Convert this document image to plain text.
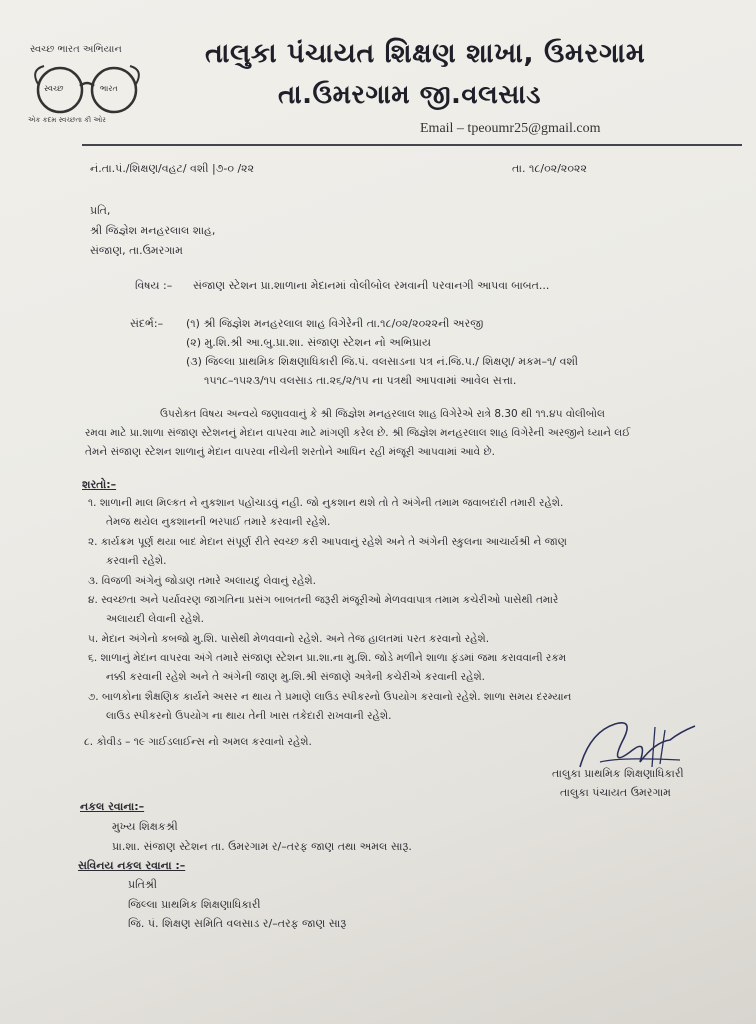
સ્વચ્છ ભારત અભિયાન
સ્વચ્છ	ભારત
એક કદમ સ્વચ્છતા કી ઓર
તાલુકા પંચાયત શિક્ષણ શાખા, ઉમરગામ
તા.ઉમરગામ જી.વલસાડ
Email – tpeoumr25@gmail.com
નં.તા.પં./શિક્ષણ/વહટ/ વશી |૭-૦ /૨૨	તા. ૧૮/૦૨/૨૦૨૨
પ્રતિ,
શ્રી જિજ્ઞેશ મનહરલાલ શાહ,
સંજાણ, તા.ઉમરગામ
વિષય :– સંજાણ સ્ટેશન પ્રા.શાળાના મેદાનમાં વોલીબોલ રમવાની પરવાનગી આપવા બાબત...
સંદર્ભ:– (૧) શ્રી જિજ્ઞેશ મનહરલાલ શાહ વિગેરેની તા.૧૮/૦૨/૨૦૨૨ની અરજી
(૨) મુ.શિ.શ્રી આ.બુ.પ્રા.શા. સંજાણ સ્ટેશન નો અભિપ્રાય
(૩) જિલ્લા પ્રાથમિક શિક્ષણાધિકારી જિ.પં. વલસાડના પત્ર નં.જિ.પ./ શિક્ષણ/ મકમ–૧/ વશી
૧૫૧૮–૧૫૨૩/૧૫ વલસાડ તા.૨૬/૨/૧૫ ના પત્રથી આપવામાં આવેલ સત્તા.
ઉપરોક્ત વિષય અન્વયે જણાવવાનું કે શ્રી જિજ્ઞેશ મનહરલાલ શાહ વિગેરેએ રાત્રે 8.30 થી ૧૧.૪૫ વોલીબોલ
રમવા માટે પ્રા.શાળા સંજાણ સ્ટેશનનું મેદાન વાપરવા માટે માંગણી કરેલ છે. શ્રી જિજ્ઞેશ મનહરલાલ શાહ વિગેરેની અરજીને ધ્યાને લઈ
તેમને સંજાણ સ્ટેશન શાળાનું મેદાન વાપરવા નીચેની શરતોને આધિન રહી મંજૂરી આપવામાં આવે છે.
શરતો:–
૧. શાળાની માલ મિલ્કત ને નુકશાન પહોંચાડવું નહી. જો નુકશાન થશે તો તે અંગેની તમામ જવાબદારી તમારી રહેશે.
તેમજ થયેલ નુકશાનની ભરપાઈ તમારે કરવાની રહેશે.
૨. કાર્યક્રમ પૂર્ણ થયા બાદ મેદાન સંપૂર્ણ રીતે સ્વચ્છ કરી આપવાનું રહેશે અને તે અંગેની સ્કુલના આચાર્યશ્રી ને જાણ
કરવાની રહેશે.
૩. વિજળી અંગેનું જોડાણ તમારે અલાયદુ લેવાનું રહેશે.
૪. સ્વચ્છતા અને પર્યાવરણ જાગતિના પ્રસંગ બાબતની જરૂરી મંજૂરીઓ મેળવવાપાત્ર તમામ કચેરીઓ પાસેથી તમારે
અલાયદી લેવાની રહેશે.
૫. મેદાન અંગેનો કબજો મુ.શિ. પાસેથી મેળવવાનો રહેશે. અને તેજ હાલતમાં પરત કરવાનો રહેશે.
૬. શાળાનું મેદાન વાપરવા અંગે તમારે સંજાણ સ્ટેશન પ્રા.શા.ના મુ.શિ. જોડે મળીને શાળા ફંડમાં જમા કરાવવાની રકમ
નક્કી કરવાની રહેશે અને તે અંગેની જાણ મુ.શિ.શ્રી સંજાણે અત્રેની કચેરીએ કરવાની રહેશે.
૭. બાળકોના શૈક્ષણિક કાર્યને અસર ન થાય તે પ્રમાણે લાઉડ સ્પીકરનો ઉપયોગ કરવાનો રહેશે. શાળા સમય દરમ્યાન
લાઉડ સ્પીકરનો ઉપયોગ ના થાય તેની ખાસ તકેદારી રાખવાની રહેશે.
૮. કોવીડ – ૧૯ ગાઈડલાઈન્સ નો અમલ કરવાનો રહેશે.
તાલુકા પ્રાથમિક શિક્ષણાધિકારી
તાલુકા પંચાયત ઉમરગામ
નકલ રવાના:–
મુખ્ય શિક્ષકશ્રી
પ્રા.શા. સંજાણ સ્ટેશન તા. ઉમરગામ ર/–તરફ જાણ તથા અમલ સારૂ.
સવિનય નકલ રવાના :–
પ્રતિશ્રી
જિલ્લા પ્રાથમિક શિક્ષણાધિકારી
જિ. પં. શિક્ષણ સમિતિ વલસાડ ર/–તરફ જાણ સારૂ
